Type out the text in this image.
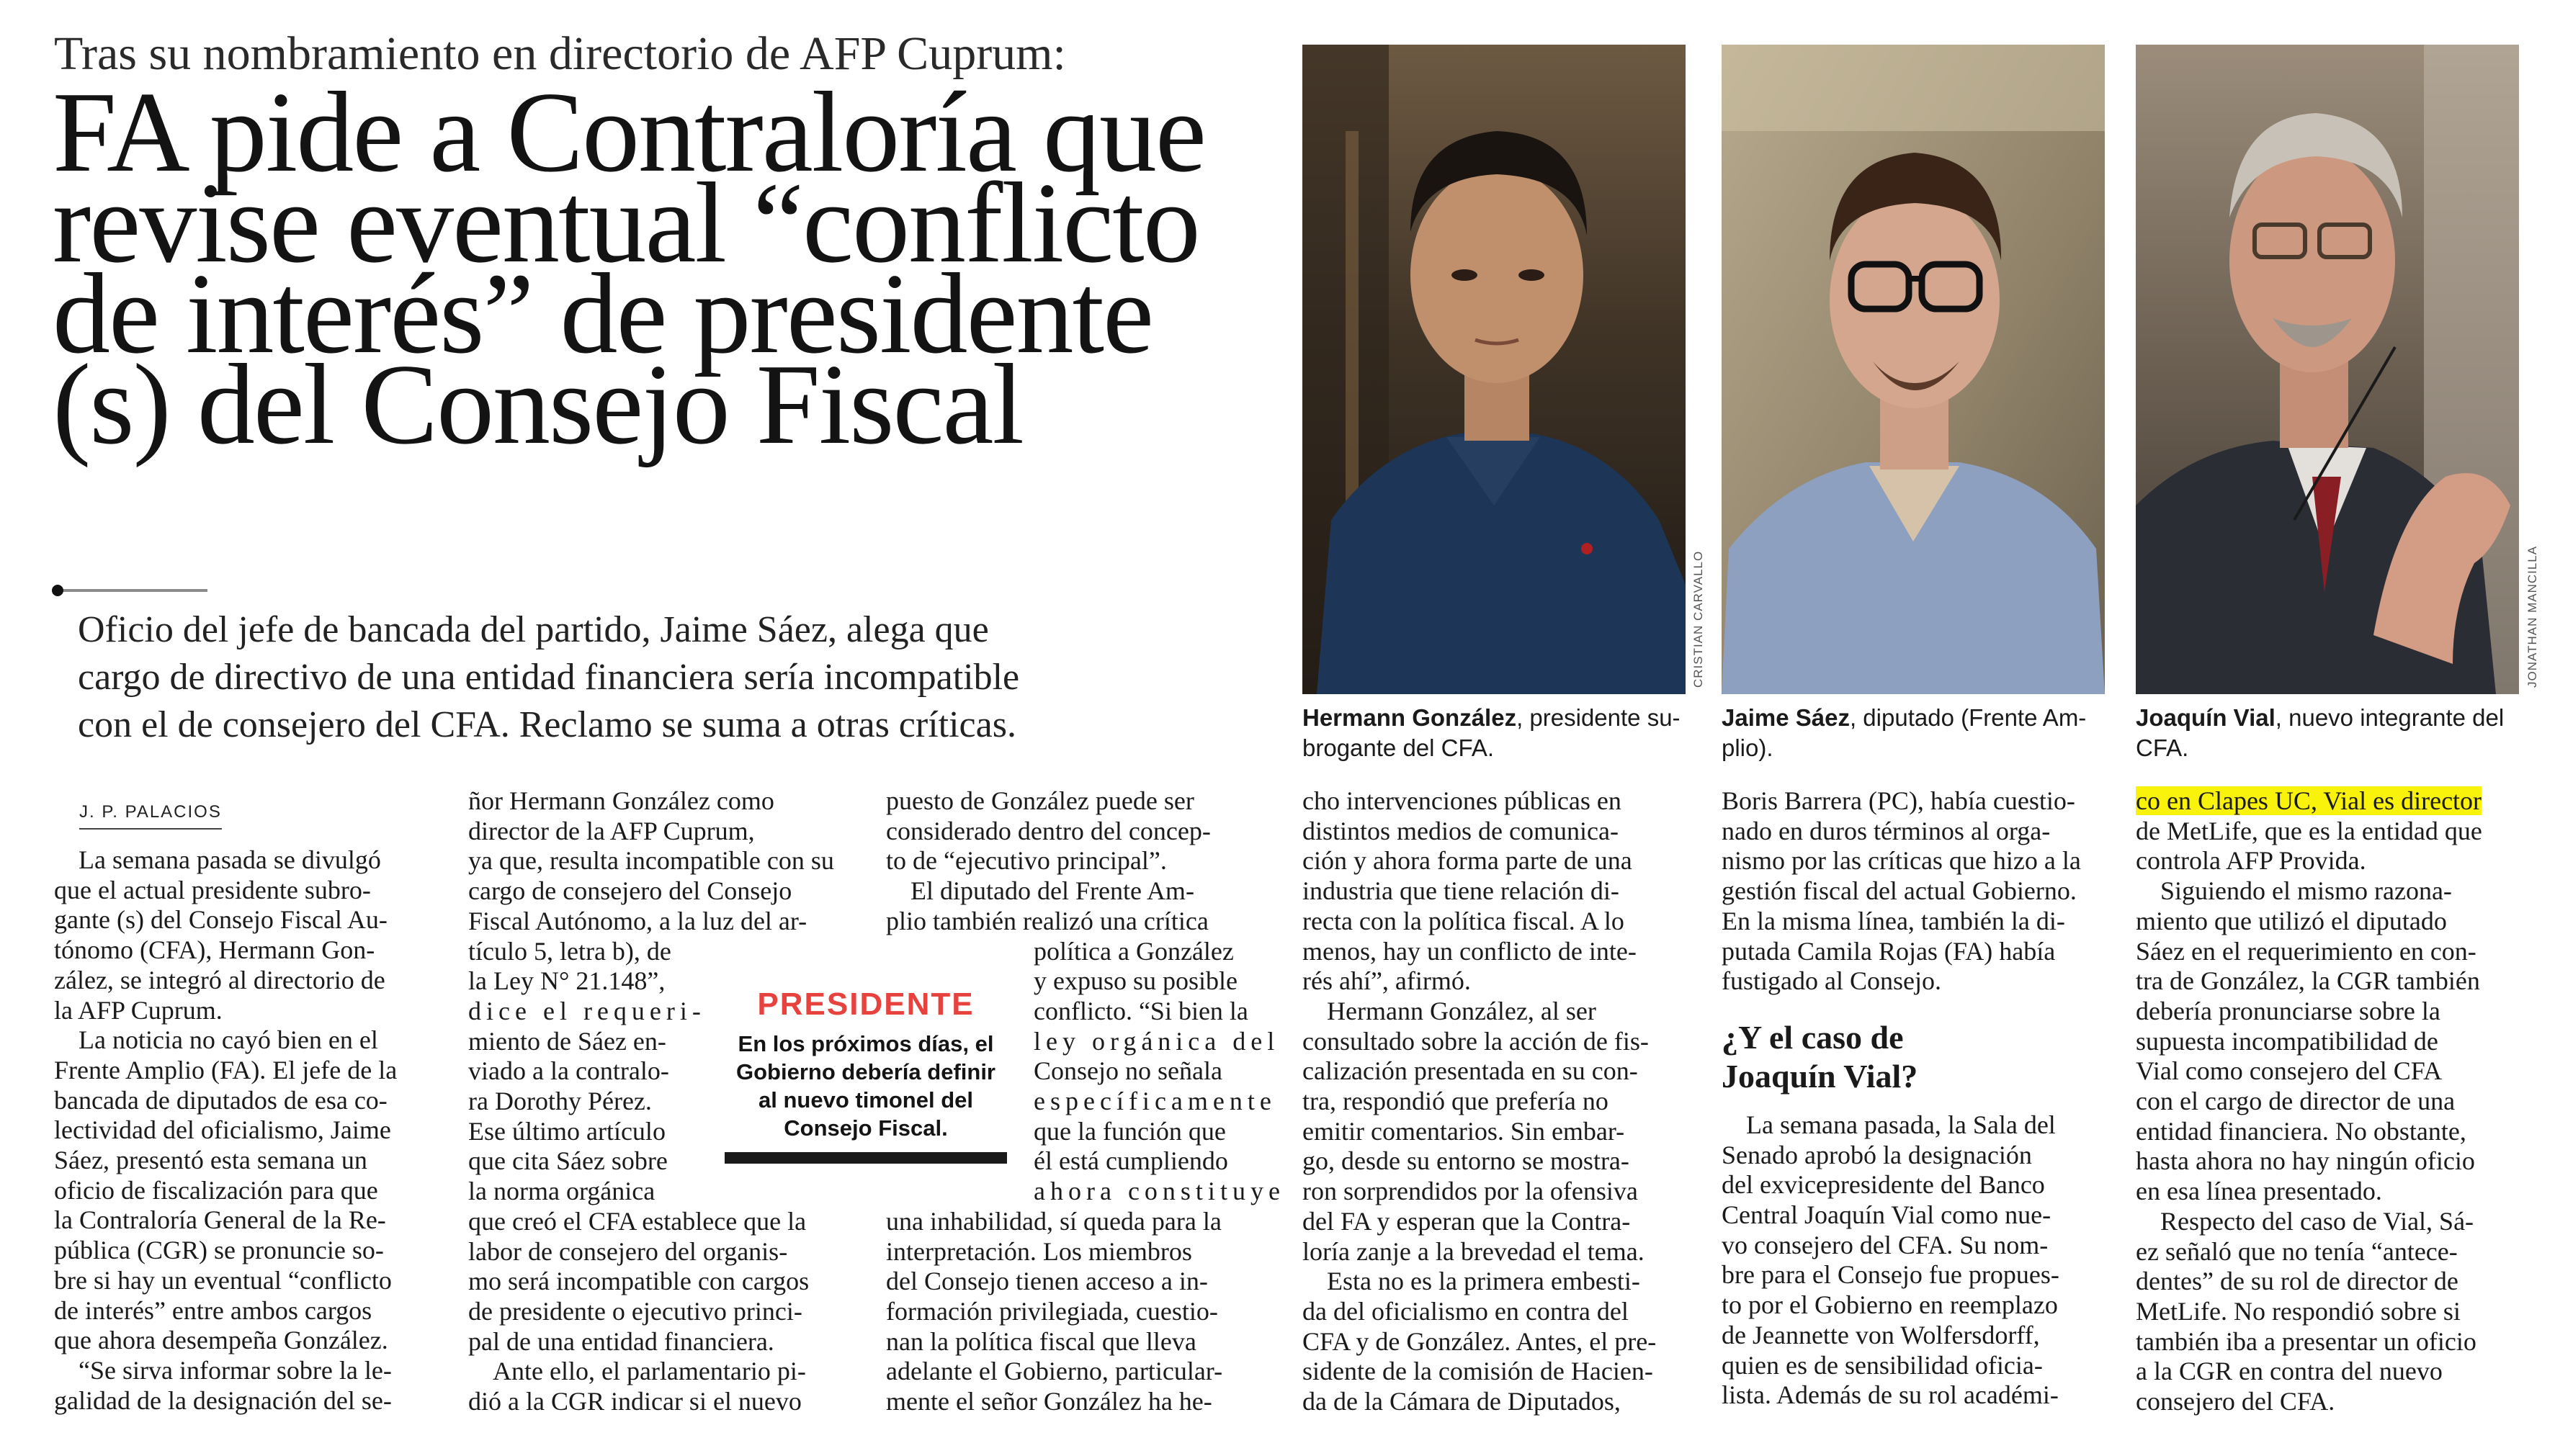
Tras su nombramiento en directorio de AFP Cuprum:
FA pide a Contraloría que
revise eventual “conflicto
de interés” de presidente
(s) del Consejo Fiscal
Oficio del jefe de bancada del partido, Jaime Sáez, alega que
cargo de directivo de una entidad financiera sería incompatible
con el de consejero del CFA. Reclamo se suma a otras críticas.
J. P. PALACIOS
La semana pasada se divulgó
que el actual presidente subro-
gante (s) del Consejo Fiscal Au-
tónomo (CFA), Hermann Gon-
zález, se integró al directorio de
la AFP Cuprum.
La noticia no cayó bien en el
Frente Amplio (FA). El jefe de la
bancada de diputados de esa co-
lectividad del oficialismo, Jaime
Sáez, presentó esta semana un
oficio de fiscalización para que
la Contraloría General de la Re-
pública (CGR) se pronuncie so-
bre si hay un eventual “conflicto
de interés” entre ambos cargos
que ahora desempeña González.
“Se sirva informar sobre la le-
galidad de la designación del se-
ñor Hermann González como
director de la AFP Cuprum,
ya que, resulta incompatible con su
cargo de consejero del Consejo
Fiscal Autónomo, a la luz del ar-
tículo 5, letra b), de
la Ley N° 21.148”,
dice el requeri-
miento de Sáez en-
viado a la contralo-
ra Dorothy Pérez.
Ese último artículo
que cita Sáez sobre
la norma orgánica
que creó el CFA establece que la
labor de consejero del organis-
mo será incompatible con cargos
de presidente o ejecutivo princi-
pal de una entidad financiera.
Ante ello, el parlamentario pi-
dió a la CGR indicar si el nuevo
puesto de González puede ser
considerado dentro del concep-
to de “ejecutivo principal”.
El diputado del Frente Am-
plio también realizó una crítica
política a González
y expuso su posible
conflicto. “Si bien la
ley orgánica del
Consejo no señala
específicamente
que la función que
él está cumpliendo
ahora constituye
una inhabilidad, sí queda para la
interpretación. Los miembros
del Consejo tienen acceso a in-
formación privilegiada, cuestio-
nan la política fiscal que lleva
adelante el Gobierno, particular-
mente el señor González ha he-
PRESIDENTE
En los próximos días, el
Gobierno debería definir
al nuevo timonel del
Consejo Fiscal.
cho intervenciones públicas en
distintos medios de comunica-
ción y ahora forma parte de una
industria que tiene relación di-
recta con la política fiscal. A lo
menos, hay un conflicto de inte-
rés ahí”, afirmó.
Hermann González, al ser
consultado sobre la acción de fis-
calización presentada en su con-
tra, respondió que prefería no
emitir comentarios. Sin embar-
go, desde su entorno se mostra-
ron sorprendidos por la ofensiva
del FA y esperan que la Contra-
loría zanje a la brevedad el tema.
Esta no es la primera embesti-
da del oficialismo en contra del
CFA y de González. Antes, el pre-
sidente de la comisión de Hacien-
da de la Cámara de Diputados,
Boris Barrera (PC), había cuestio-
nado en duros términos al orga-
nismo por las críticas que hizo a la
gestión fiscal del actual Gobierno.
En la misma línea, también la di-
putada Camila Rojas (FA) había
fustigado al Consejo.
¿Y el caso de
Joaquín Vial?
La semana pasada, la Sala del
Senado aprobó la designación
del exvicepresidente del Banco
Central Joaquín Vial como nue-
vo consejero del CFA. Su nom-
bre para el Consejo fue propues-
to por el Gobierno en reemplazo
de Jeannette von Wolfersdorff,
quien es de sensibilidad oficia-
lista. Además de su rol académi-
co en Clapes UC, Vial es director
de MetLife, que es la entidad que
controla AFP Provida.
Siguiendo el mismo razona-
miento que utilizó el diputado
Sáez en el requerimiento en con-
tra de González, la CGR también
debería pronunciarse sobre la
supuesta incompatibilidad de
Vial como consejero del CFA
con el cargo de director de una
entidad financiera. No obstante,
hasta ahora no hay ningún oficio
en esa línea presentado.
Respecto del caso de Vial, Sá-
ez señaló que no tenía “antece-
dentes” de su rol de director de
MetLife. No respondió sobre si
también iba a presentar un oficio
a la CGR en contra del nuevo
consejero del CFA.
CRISTIAN CARVALLO	JONATHAN MANCILLA
Hermann González, presidente su-
brogante del CFA.
Jaime Sáez, diputado (Frente Am-
plio).
Joaquín Vial, nuevo integrante del
CFA.
